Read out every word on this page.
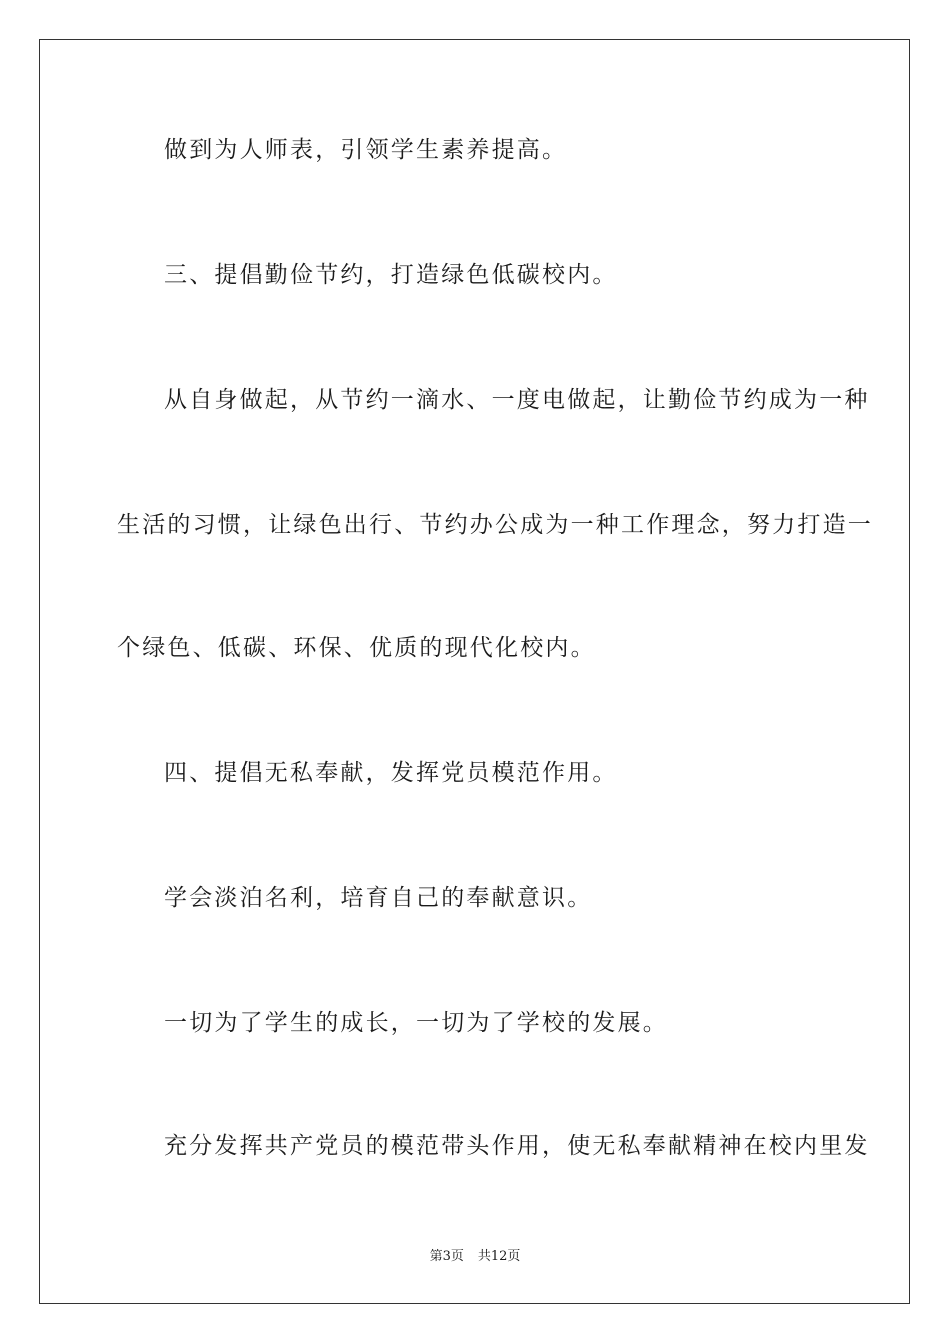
做到为人师表，引领学生素养提高。
三、提倡勤俭节约，打造绿色低碳校内。
从自身做起，从节约一滴水、一度电做起，让勤俭节约成为一种
生活的习惯，让绿色出行、节约办公成为一种工作理念，努力打造一
个绿色、低碳、环保、优质的现代化校内。
四、提倡无私奉献，发挥党员模范作用。
学会淡泊名利，培育自己的奉献意识。
一切为了学生的成长，一切为了学校的发展。
充分发挥共产党员的模范带头作用，使无私奉献精神在校内里发
第3页 共12页
